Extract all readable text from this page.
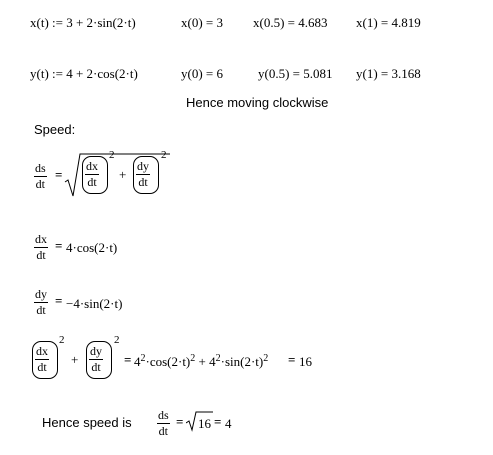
x(t) := 3 + 2·sin(2·t)	x(0) = 3 x(0.5) = 4.683 x(1) = 4.819
y(t) := 4 + 2·cos(2·t)	y(0) = 6	y(0.5) = 5.081 y(1) = 3.168
Hence moving clockwise
Speed:
ds
dt
=
dx
dt
2
+
dy
dt
2
dx
dt
= 4·cos(2·t)
dy
dt
= −4·sin(2·t)
dx
dt
2
+
dy
dt
2
= $4^2\cdot\cos(2\cdot t)^2 + 4^2\cdot\sin(2\cdot t)^2 = 16$
Hence speed is ds
dt
= 16 = 4
